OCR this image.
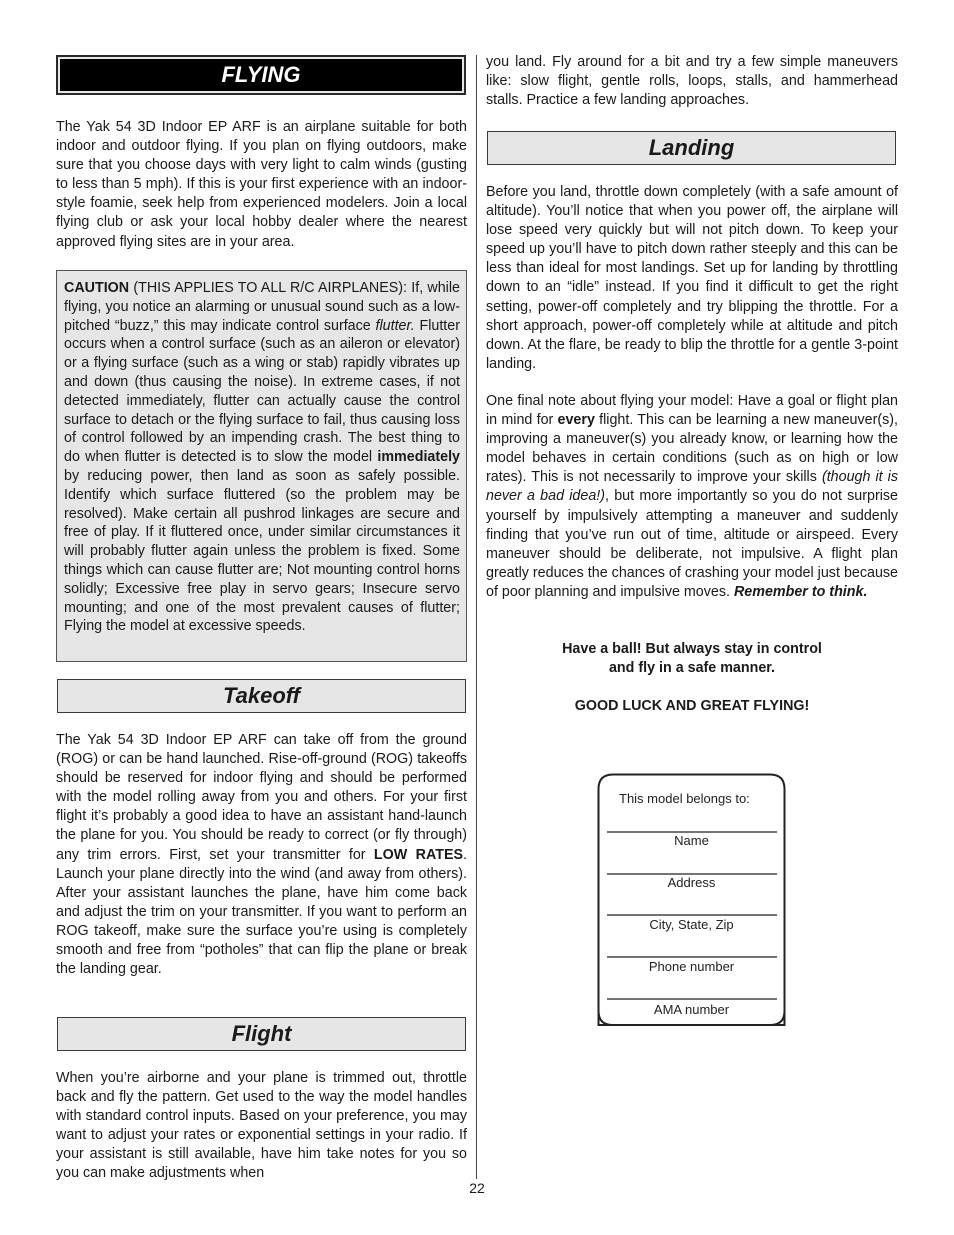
FLYING

The Yak 54 3D Indoor EP ARF is an airplane suitable for both indoor and outdoor flying. If you plan on flying outdoors, make sure that you choose days with very light to calm winds (gusting to less than 5 mph). If this is your first experience with an indoor-style foamie, seek help from experienced modelers. Join a local flying club or ask your local hobby dealer where the nearest approved flying sites are in your area.

CAUTION (THIS APPLIES TO ALL R/C AIRPLANES): If, while flying, you notice an alarming or unusual sound such as a low-pitched “buzz,” this may indicate control surface flutter. Flutter occurs when a control surface (such as an aileron or elevator) or a flying surface (such as a wing or stab) rapidly vibrates up and down (thus causing the noise). In extreme cases, if not detected immediately, flutter can actually cause the control surface to detach or the flying surface to fail, thus causing loss of control followed by an impending crash. The best thing to do when flutter is detected is to slow the model immediately by reducing power, then land as soon as safely possible. Identify which surface fluttered (so the problem may be resolved). Make certain all pushrod linkages are secure and free of play. If it fluttered once, under similar circumstances it will probably flutter again unless the problem is fixed. Some things which can cause flutter are; Not mounting control horns solidly; Excessive free play in servo gears; Insecure servo mounting; and one of the most prevalent causes of flutter; Flying the model at excessive speeds.
Takeoff

The Yak 54 3D Indoor EP ARF can take off from the ground (ROG) or can be hand launched. Rise-off-ground (ROG) takeoffs should be reserved for indoor flying and should be performed with the model rolling away from you and others. For your first flight it’s probably a good idea to have an assistant hand-launch the plane for you. You should be ready to correct (or fly through) any trim errors. First, set your transmitter for LOW RATES. Launch your plane directly into the wind (and away from others). After your assistant launches the plane, have him come back and adjust the trim on your transmitter. If you want to perform an ROG takeoff, make sure the surface you’re using is completely smooth and free from “potholes” that can flip the plane or break the landing gear.

Flight

When you’re airborne and your plane is trimmed out, throttle back and fly the pattern. Get used to the way the model handles with standard control inputs. Based on your preference, you may want to adjust your rates or exponential settings in your radio. If your assistant is still available, have him take notes for you so you can make adjustments when

you land. Fly around for a bit and try a few simple maneuvers like: slow flight, gentle rolls, loops, stalls, and hammerhead stalls. Practice a few landing approaches.

Landing

Before you land, throttle down completely (with a safe amount of altitude). You’ll notice that when you power off, the airplane will lose speed very quickly but will not pitch down. To keep your speed up you’ll have to pitch down rather steeply and this can be less than ideal for most landings. Set up for landing by throttling down to an “idle” instead. If you find it difficult to get the right setting, power-off completely and try blipping the throttle. For a short approach, power-off completely while at altitude and pitch down. At the flare, be ready to blip the throttle for a gentle 3-point landing.

One final note about flying your model: Have a goal or flight plan in mind for every flight. This can be learning a new maneuver(s), improving a maneuver(s) you already know, or learning how the model behaves in certain conditions (such as on high or low rates). This is not necessarily to improve your skills (though it is never a bad idea!), but more importantly so you do not surprise yourself by impulsively attempting a maneuver and suddenly finding that you’ve run out of time, altitude or airspeed. Every maneuver should be deliberate, not impulsive. A flight plan greatly reduces the chances of crashing your model just because of poor planning and impulsive moves. Remember to think.

Have a ball! But always stay in control

and fly in a safe manner.

GOOD LUCK AND GREAT FLYING!

This model belongs to:
Name
Address
City, State, Zip
Phone number
AMA number
22
